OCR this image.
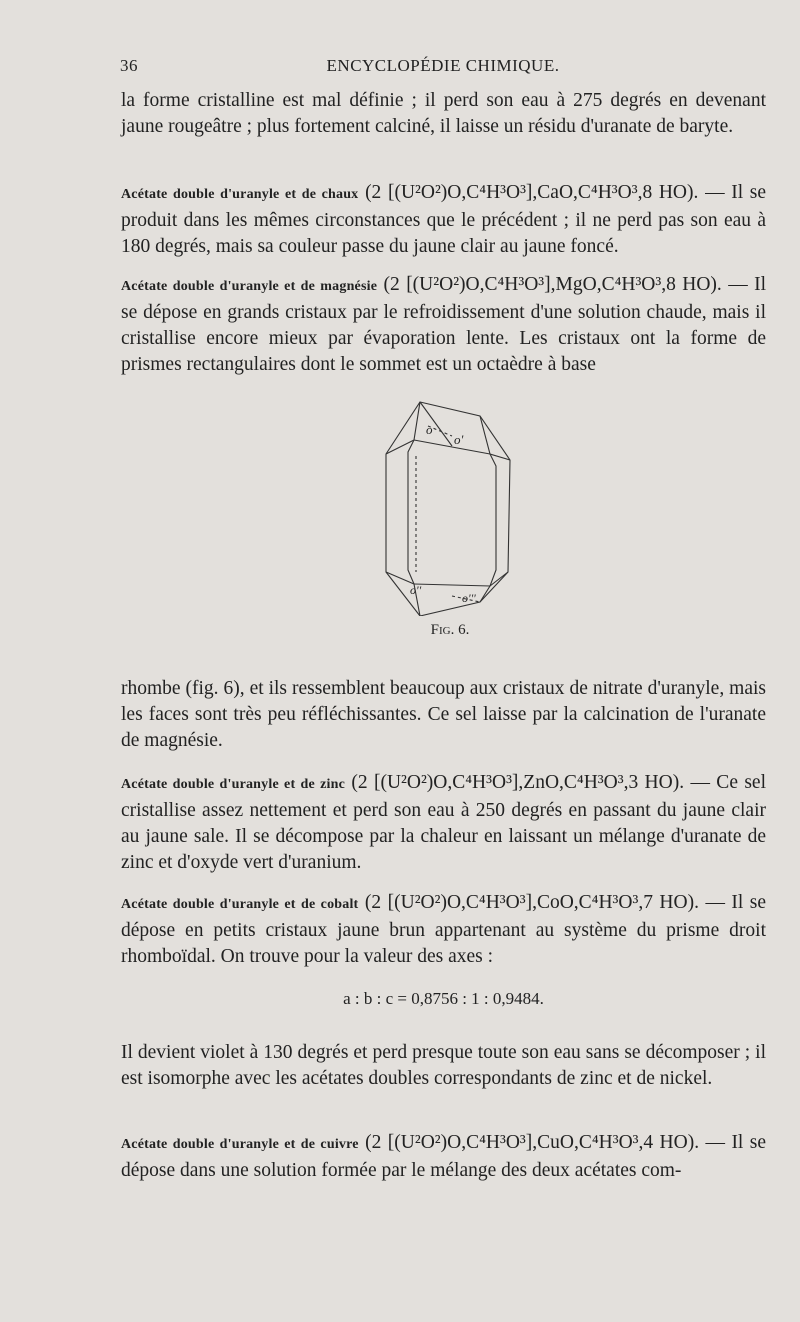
36	ENCYCLOPÉDIE CHIMIQUE.

la forme cristalline est mal définie ; il perd son eau à 275 degrés en devenant jaune rougeâtre ; plus fortement calciné, il laisse un résidu d'uranate de baryte.

Acétate double d'uranyle et de chaux (2 [(U²O²)O,C⁴H³O³],CaO,C⁴H³O³,8 HO). — Il se produit dans les mêmes circonstances que le précédent ; il ne perd pas son eau à 180 degrés, mais sa couleur passe du jaune clair au jaune foncé.

Acétate double d'uranyle et de magnésie (2 [(U²O²)O,C⁴H³O³],MgO,C⁴H³O³,8 HO). — Il se dépose en grands cristaux par le refroidissement d'une solution chaude, mais il cristallise encore mieux par évaporation lente. Les cristaux ont la forme de prismes rectangulaires dont le sommet est un octaèdre à base

o
o'
o''
o'''
Fig. 6.

rhombe (fig. 6), et ils ressemblent beaucoup aux cristaux de nitrate d'uranyle, mais les faces sont très peu réfléchissantes. Ce sel laisse par la calcination de l'uranate de magnésie.

Acétate double d'uranyle et de zinc (2 [(U²O²)O,C⁴H³O³],ZnO,C⁴H³O³,3 HO). — Ce sel cristallise assez nettement et perd son eau à 250 degrés en passant du jaune clair au jaune sale. Il se décompose par la chaleur en laissant un mélange d'uranate de zinc et d'oxyde vert d'uranium.

Acétate double d'uranyle et de cobalt (2 [(U²O²)O,C⁴H³O³],CoO,C⁴H³O³,7 HO). — Il se dépose en petits cristaux jaune brun appartenant au système du prisme droit rhomboïdal. On trouve pour la valeur des axes :

a : b : c = 0,8756 : 1 : 0,9484.

Il devient violet à 130 degrés et perd presque toute son eau sans se décomposer ; il est isomorphe avec les acétates doubles correspondants de zinc et de nickel.

Acétate double d'uranyle et de cuivre (2 [(U²O²)O,C⁴H³O³],CuO,C⁴H³O³,4 HO). — Il se dépose dans une solution formée par le mélange des deux acétates com-
